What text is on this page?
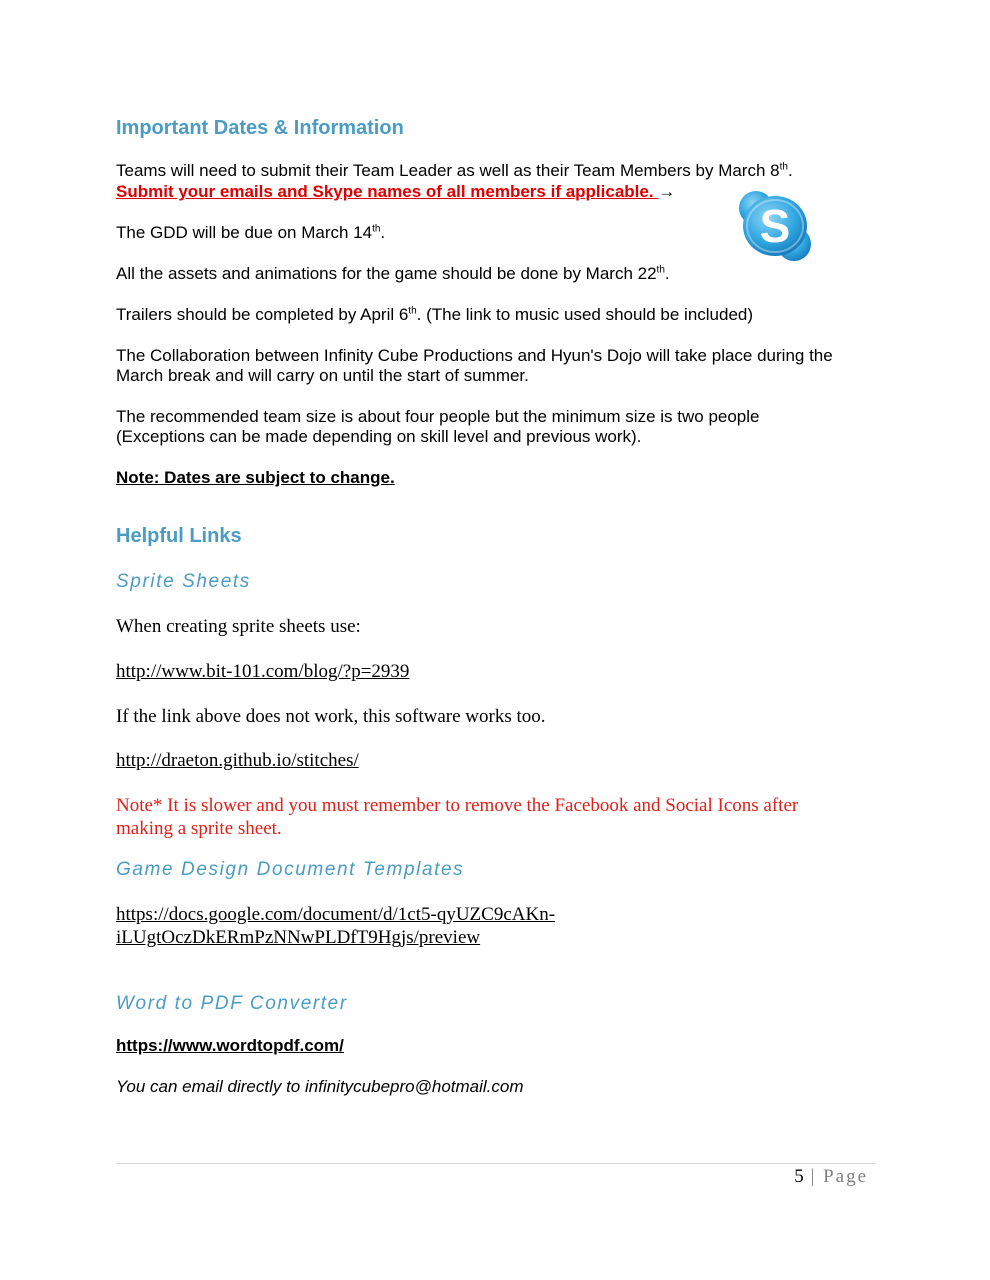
Important Dates & Information
Teams will need to submit their Team Leader as well as their Team Members by March 8th.
Submit your emails and Skype names of all members if applicable. →
S
The GDD will be due on March 14th.
All the assets and animations for the game should be done by March 22th.
Trailers should be completed by April 6th. (The link to music used should be included)
The Collaboration between Infinity Cube Productions and Hyun's Dojo will take place during the
March break and will carry on until the start of summer.
The recommended team size is about four people but the minimum size is two people
(Exceptions can be made depending on skill level and previous work).
Note: Dates are subject to change.
Helpful Links
Sprite Sheets
When creating sprite sheets use:
http://www.bit-101.com/blog/?p=2939
If the link above does not work, this software works too.
http://draeton.github.io/stitches/
Note* It is slower and you must remember to remove the Facebook and Social Icons after
making a sprite sheet.
Game Design Document Templates
https://docs.google.com/document/d/1ct5-qyUZC9cAKn-
iLUgtOczDkERmPzNNwPLDfT9Hgjs/preview
Word to PDF Converter
https://www.wordtopdf.com/
You can email directly to infinitycubepro@hotmail.com
5 | Page
